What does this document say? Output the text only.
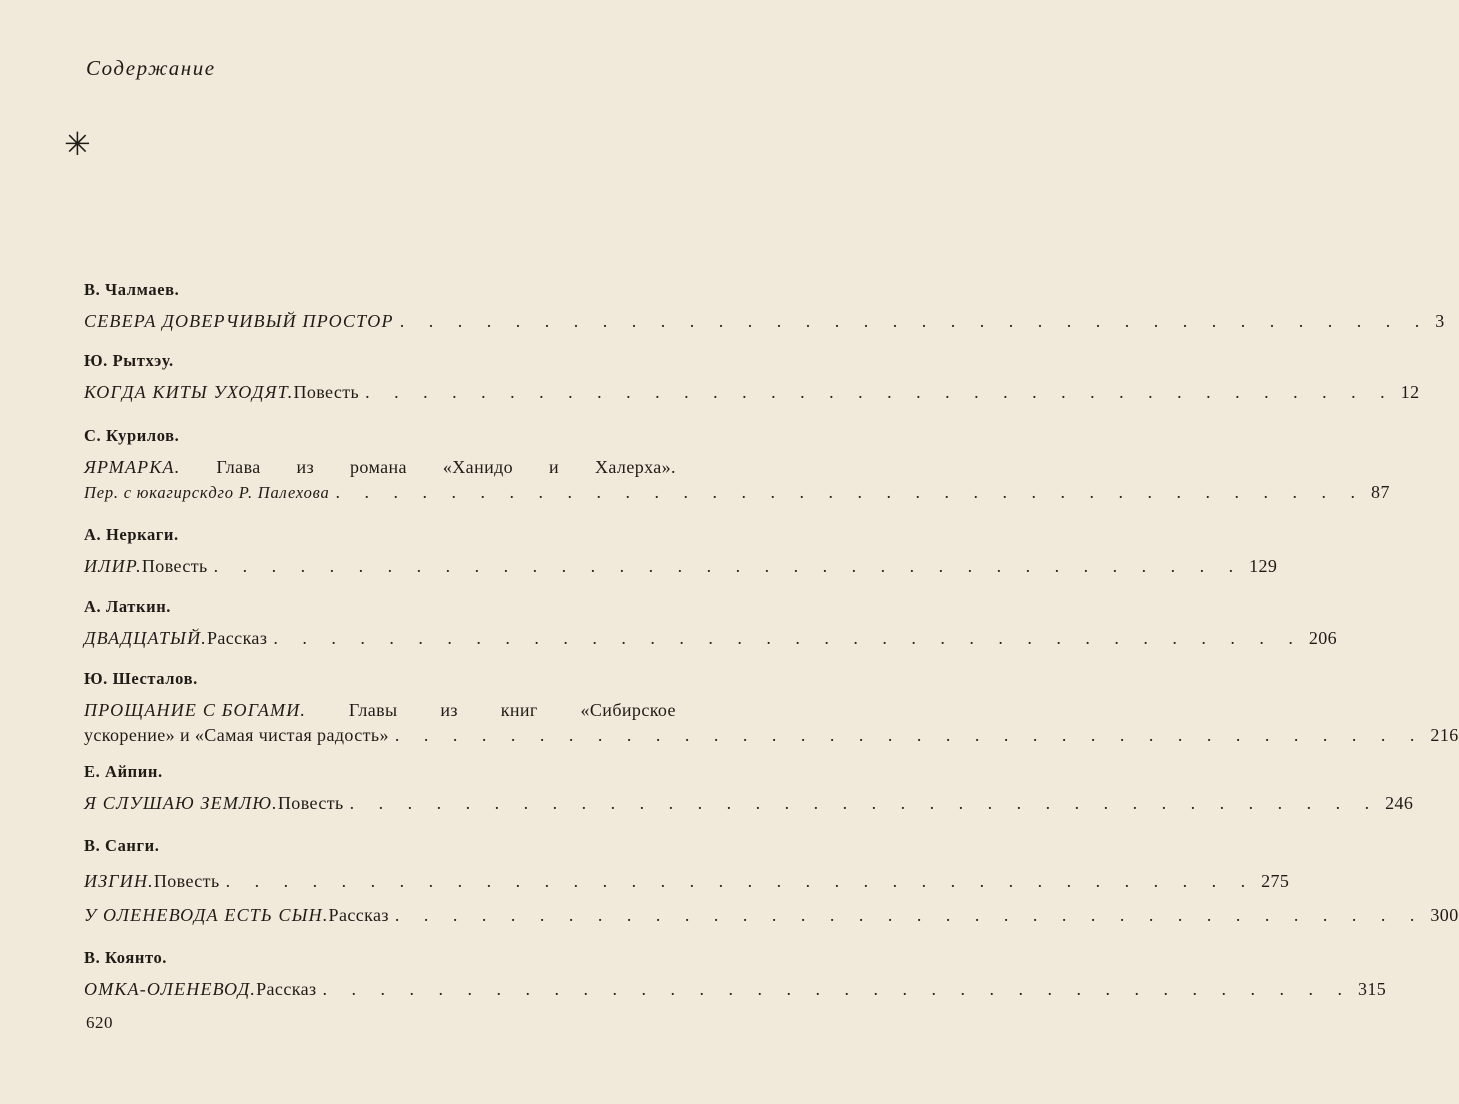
Содержание
✳
В. Чалмаев.
СЕВЕРА ДОВЕРЧИВЫЙ ПРОСТОР . . . . . . . . . . . . . . . . . . . . . . . . . . . . . . . . . . . . 3
Ю. Рытхэу.
КОГДА КИТЫ УХОДЯТ. Повесть . . . . . . . . . . . . . . . . . . . . . . . . . . . . . . . . . . . . 12
С. Курилов.
ЯРМАРКА. Глава из романа «Ханидо и Халерха».
Пер. с юкагирскдго Р. Палехова . . . . . . . . . . . . . . . . . . . . . . . . . . . . . . . . . . . . 87
А. Неркаги.
ИЛИР. Повесть . . . . . . . . . . . . . . . . . . . . . . . . . . . . . . . . . . . . 129
А. Латкин.
ДВАДЦАТЫЙ. Рассказ . . . . . . . . . . . . . . . . . . . . . . . . . . . . . . . . . . . . 206
Ю. Шесталов.
ПРОЩАНИЕ С БОГАМИ. Главы из книг «Сибирское
ускорение» и «Самая чистая радость» . . . . . . . . . . . . . . . . . . . . . . . . . . . . . . . . . . . . 216
Е. Айпин.
Я СЛУШАЮ ЗЕМЛЮ. Повесть . . . . . . . . . . . . . . . . . . . . . . . . . . . . . . . . . . . . 246
В. Санги.
ИЗГИН. Повесть . . . . . . . . . . . . . . . . . . . . . . . . . . . . . . . . . . . . 275
У ОЛЕНЕВОДА ЕСТЬ СЫН. Рассказ . . . . . . . . . . . . . . . . . . . . . . . . . . . . . . . . . . . . 300
В. Коянто.
ОМКА-ОЛЕНЕВОД. Рассказ . . . . . . . . . . . . . . . . . . . . . . . . . . . . . . . . . . . . 315
620
